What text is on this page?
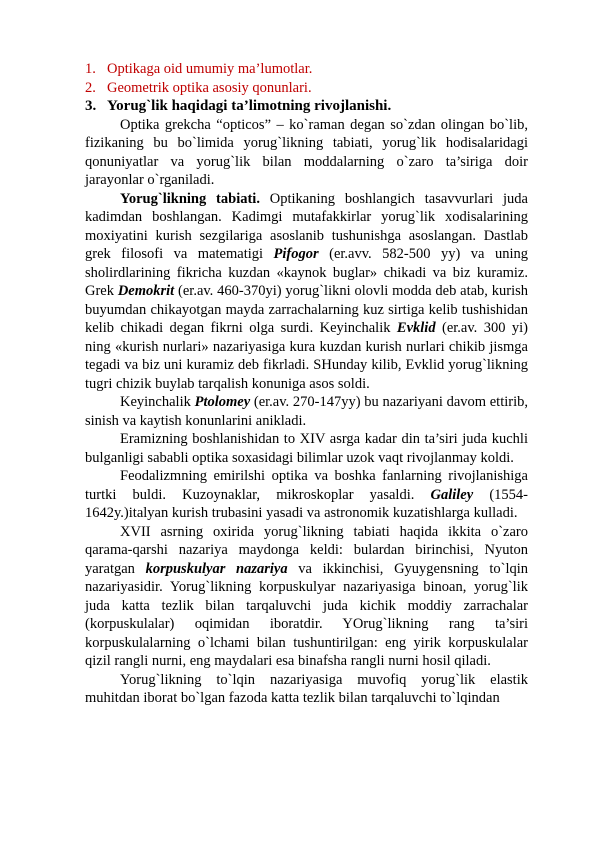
1. Optikaga oid umumiy ma’lumotlar.
2. Geometrik optika asosiy qonunlari.
3. Yorug`lik haqidagi ta’limotning rivojlanishi.

Optika grekcha “opticos” – ko`raman degan so`zdan olingan bo`lib, fizikaning bu bo`limida yorug`likning tabiati, yorug`lik hodisalaridagi qonuniyatlar va yorug`lik bilan moddalarning o`zaro ta’siriga doir jarayonlar o`rganiladi.

Yorug`likning tabiati. Optikaning boshlangich tasavvurlari juda kadimdan boshlangan. Kadimgi mutafakkirlar yorug`lik xodisalarining moxiyatini kurish sezgilariga asoslanib tushunishga asoslangan. Dastlab grek filosofi va matematigi Pifogor (er.avv. 582-500 yy) va uning sholirdlarining fikricha kuzdan «kaynok buglar» chikadi va biz kuramiz. Grek Demokrit (er.av. 460-370yi) yorug`likni olovli modda deb atab, kurish buyumdan chikayotgan mayda zarrachalarning kuz sirtiga kelib tushishidan kelib chikadi degan fikrni olga surdi. Keyinchalik Evklid (er.av. 300 yi) ning «kurish nurlari» nazariyasiga kura kuzdan kurish nurlari chikib jismga tegadi va biz uni kuramiz deb fikrladi. SHunday kilib, Evklid yorug`likning tugri chizik buylab tarqalish konuniga asos soldi.

Keyinchalik Ptolomey (er.av. 270-147yy) bu nazariyani davom ettirib, sinish va kaytish konunlarini anikladi.

Eramizning boshlanishidan to XIV asrga kadar din ta’siri juda kuchli bulganligi sababli optika soxasidagi bilimlar uzok vaqt rivojlanmay koldi.

Feodalizmning emirilshi optika va boshka fanlarning rivojlanishiga turtki buldi. Kuzoynaklar, mikroskoplar yasaldi. Galiley (1554-1642y.)italyan kurish trubasini yasadi va astronomik kuzatishlarga kulladi.

XVII asrning oxirida yorug`likning tabiati haqida ikkita o`zaro qarama-qarshi nazariya maydonga keldi: bulardan birinchisi, Nyuton yaratgan korpuskulyar nazariya va ikkinchisi, Gyuygensning to`lqin nazariyasidir. Yorug`likning korpuskulyar nazariyasiga binoan, yorug`lik juda katta tezlik bilan tarqaluvchi juda kichik moddiy zarrachalar (korpuskulalar) oqimidan iboratdir. YOrug`likning rang ta’siri korpuskulalarning o`lchami bilan tushuntirilgan: eng yirik korpuskulalar qizil rangli nurni, eng maydalari esa binafsha rangli nurni hosil qiladi.

Yorug`likning to`lqin nazariyasiga muvofiq yorug`lik elastik muhitdan iborat bo`lgan fazoda katta tezlik bilan tarqaluvchi to`lqindan
